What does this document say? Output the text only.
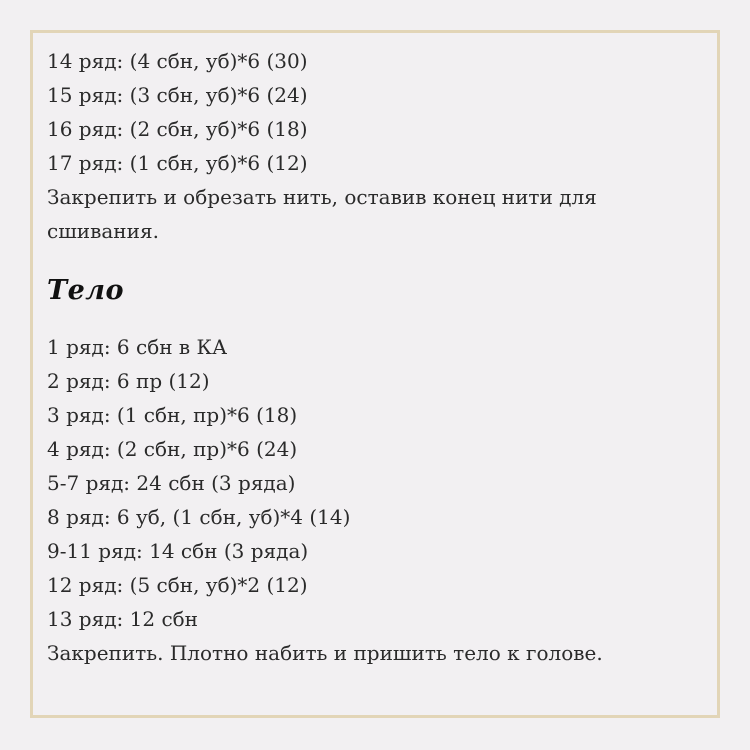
14 ряд: (4 сбн, уб)*6 (30)
15 ряд: (3 сбн, уб)*6 (24)
16 ряд: (2 сбн, уб)*6 (18)
17 ряд: (1 сбн, уб)*6 (12)
Закрепить и обрезать нить, оставив конец нити для сшивания.
Тело
1 ряд: 6 сбн в КА
2 ряд: 6 пр (12)
3 ряд: (1 сбн, пр)*6 (18)
4 ряд: (2 сбн, пр)*6 (24)
5-7 ряд: 24 сбн (3 ряда)
8 ряд: 6 уб, (1 сбн, уб)*4 (14)
9-11 ряд: 14 сбн (3 ряда)
12 ряд: (5 сбн, уб)*2 (12)
13 ряд: 12 сбн
Закрепить. Плотно набить и пришить тело к голове.
